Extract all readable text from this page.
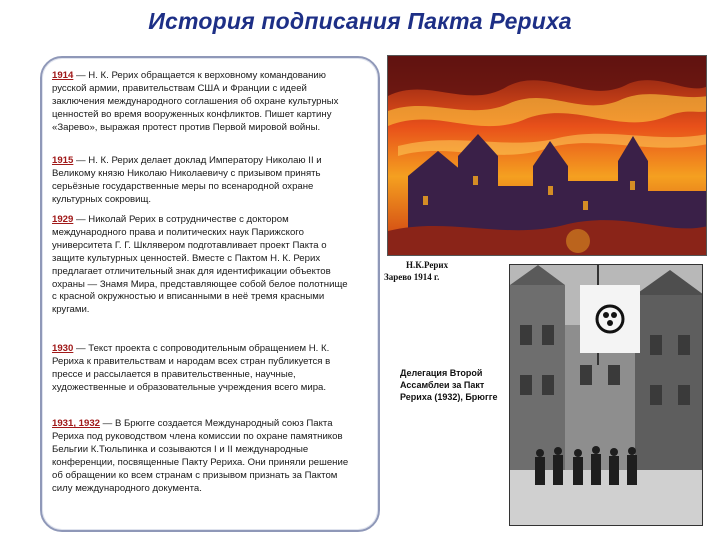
История подписания Пакта Рериха
1914 — Н. К. Рерих обращается к верховному командованию русской армии, правительствам США и Франции с идеей заключения международного соглашения об охране культурных ценностей во время вооруженных конфликтов. Пишет картину «Зарево», выражая протест против Первой мировой войны.
1915 — Н. К. Рерих делает доклад Императору Николаю II и Великому князю Николаю Николаевичу с призывом принять серьёзные государственные меры по всенародной охране культурных сокровищ.
1929 — Николай Рерих в сотрудничестве с доктором международного права и политических наук Парижского университета Г. Г. Шклявером подготавливает проект Пакта о защите культурных ценностей. Вместе с Пактом Н. К. Рерих предлагает отличительный знак для идентификации объектов охраны — Знамя Мира, представляющее собой белое полотнище с красной окружностью и вписанными в неё тремя красными кругами.
1930 — Текст проекта с сопроводительным обращением Н. К. Рериха к правительствам и народам всех стран публикуется в прессе и рассылается в правительственные, научные, художественные и образовательные учреждения всего мира.
1931, 1932 — В Брюгге создается Международный союз Пакта Рериха под руководством члена комиссии по охране памятников Бельгии К.Тюльпинка и созываются I и II международные конференции, посвященные Пакту Рериха. Они приняли решение об обращении ко всем странам с призывом признать за Пактом силу международного документа.
Н.К.Рерих
Зарево 1914 г.
Делегация Второй Ассамблеи за Пакт Рериха (1932), Брюгге
